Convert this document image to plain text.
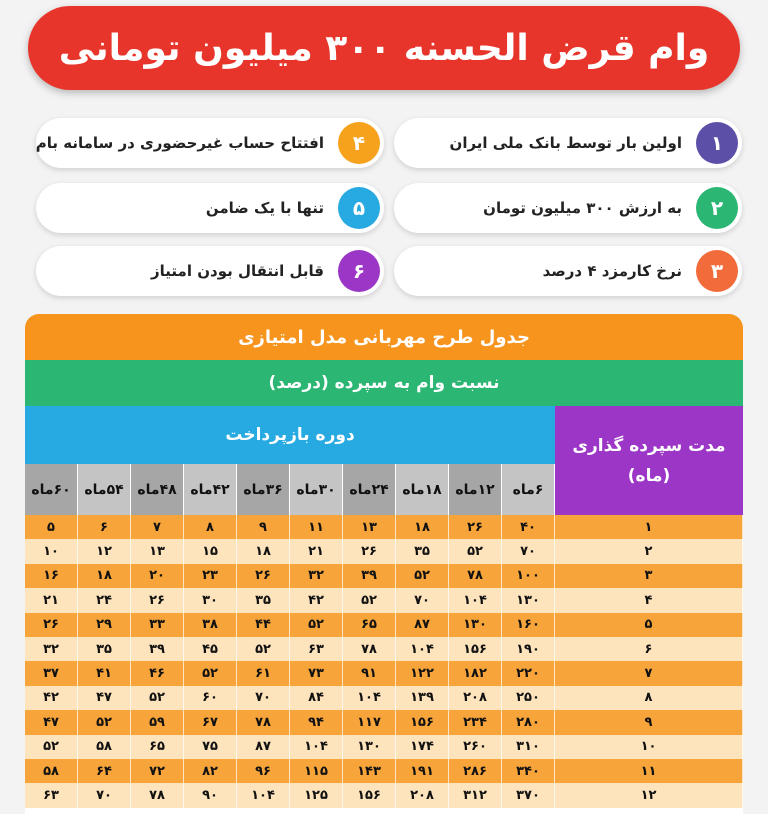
وام قرض الحسنه ۳۰۰ میلیون تومانی
۱
اولین بار توسط بانک ملی ایران
۲
به ارزش ۳۰۰ میلیون تومان
۳
نرخ کارمزد ۴ درصد
۴
افتتاح حساب غیرحضوری در سامانه بام
۵
تنها با یک ضامن
۶
قابل انتقال بودن امتیاز
جدول طرح مهربانی مدل امتیازی
نسبت وام به سپرده (درصد)
دوره بازپرداخت
مدت سپرده گذاری
(ماه)
۶ماه
۱۲ماه
۱۸ماه
۲۴ماه
۳۰ماه
۳۶ماه
۴۲ماه
۴۸ماه
۵۴ماه
۶۰ماه
۱
۴۰
۲۶
۱۸
۱۳
۱۱
۹
۸
۷
۶
۵
۲
۷۰
۵۲
۳۵
۲۶
۲۱
۱۸
۱۵
۱۳
۱۲
۱۰
۳
۱۰۰
۷۸
۵۲
۳۹
۳۲
۲۶
۲۳
۲۰
۱۸
۱۶
۴
۱۳۰
۱۰۴
۷۰
۵۲
۴۲
۳۵
۳۰
۲۶
۲۴
۲۱
۵
۱۶۰
۱۳۰
۸۷
۶۵
۵۲
۴۴
۳۸
۳۳
۲۹
۲۶
۶
۱۹۰
۱۵۶
۱۰۴
۷۸
۶۳
۵۲
۴۵
۳۹
۳۵
۳۲
۷
۲۲۰
۱۸۲
۱۲۲
۹۱
۷۳
۶۱
۵۲
۴۶
۴۱
۳۷
۸
۲۵۰
۲۰۸
۱۳۹
۱۰۴
۸۴
۷۰
۶۰
۵۲
۴۷
۴۲
۹
۲۸۰
۲۳۴
۱۵۶
۱۱۷
۹۴
۷۸
۶۷
۵۹
۵۲
۴۷
۱۰
۳۱۰
۲۶۰
۱۷۴
۱۳۰
۱۰۴
۸۷
۷۵
۶۵
۵۸
۵۲
۱۱
۳۴۰
۲۸۶
۱۹۱
۱۴۳
۱۱۵
۹۶
۸۲
۷۲
۶۴
۵۸
۱۲
۳۷۰
۳۱۲
۲۰۸
۱۵۶
۱۲۵
۱۰۴
۹۰
۷۸
۷۰
۶۳
